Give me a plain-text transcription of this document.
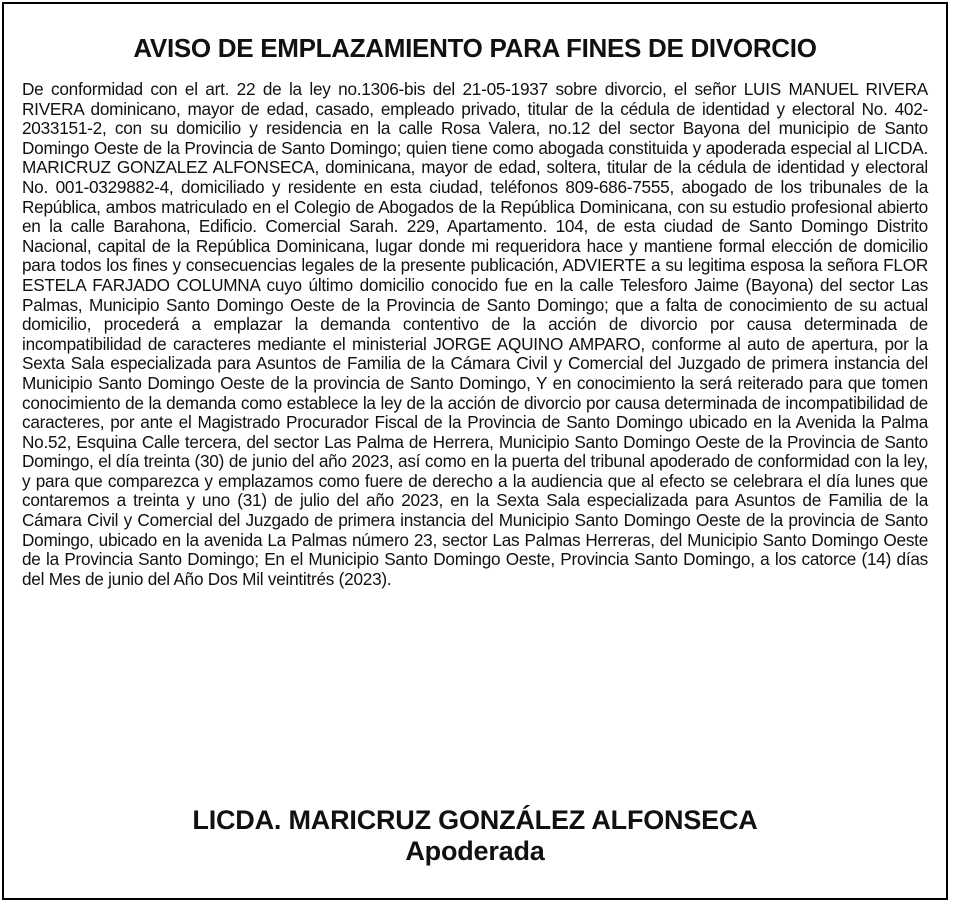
AVISO DE EMPLAZAMIENTO PARA FINES DE DIVORCIO

De conformidad con el art. 22 de la ley no.1306-bis del 21-05-1937 sobre divorcio, el señor LUIS MANUEL RIVERA RIVERA dominicano, mayor de edad, casado, empleado privado, titular de la cédula de identidad y electoral No. 402-2033151-2, con su domicilio y residencia en la calle Rosa Valera, no.12 del sector Bayona del municipio de Santo Domingo Oeste de la Provincia de Santo Domingo; quien tiene como abogada constituida y apoderada especial al LICDA. MARICRUZ GONZALEZ ALFONSECA, dominicana, mayor de edad, soltera, titular de la cédula de identidad y electoral No. 001-0329882-4, domiciliado y residente en esta ciudad, teléfonos 809-686-7555, abogado de los tribunales de la República, ambos matriculado en el Colegio de Abogados de la República Dominicana, con su estudio profesional abierto en la calle Barahona, Edificio. Comercial Sarah. 229, Apartamento. 104, de esta ciudad de Santo Domingo Distrito Nacional, capital de la República Dominicana, lugar donde mi requeridora hace y mantiene formal elección de domicilio para todos los fines y consecuencias legales de la presente publicación, ADVIERTE a su legitima esposa la señora FLOR ESTELA FARJADO COLUMNA cuyo último domicilio conocido fue en la calle Telesforo Jaime (Bayona) del sector Las Palmas, Municipio Santo Domingo Oeste de la Provincia de Santo Domingo; que a falta de conocimiento de su actual domicilio, procederá a emplazar la demanda contentivo de la acción de divorcio por causa determinada de incompatibilidad de caracteres mediante el ministerial JORGE AQUINO AMPARO, conforme al auto de apertura, por la Sexta Sala especializada para Asuntos de Familia de la Cámara Civil y Comercial del Juzgado de primera instancia del Municipio Santo Domingo Oeste de la provincia de Santo Domingo, Y en conocimiento la será reiterado para que tomen conocimiento de la demanda como establece la ley de la acción de divorcio por causa determinada de incompatibilidad de caracteres, por ante el Magistrado Procurador Fiscal de la Provincia de Santo Domingo ubicado en la Avenida la Palma No.52, Esquina Calle tercera, del sector Las Palma de Herrera, Municipio Santo Domingo Oeste de la Provincia de Santo Domingo, el día treinta (30) de junio del año 2023, así como en la puerta del tribunal apoderado de conformidad con la ley, y para que comparezca y emplazamos como fuere de derecho a la audiencia que al efecto se celebrara el día lunes que contaremos a treinta y uno (31) de julio del año 2023, en la Sexta Sala especializada para Asuntos de Familia de la Cámara Civil y Comercial del Juzgado de primera instancia del Municipio Santo Domingo Oeste de la provincia de Santo Domingo, ubicado en la avenida La Palmas número 23, sector Las Palmas Herreras, del Municipio Santo Domingo Oeste de la Provincia Santo Domingo; En el Municipio Santo Domingo Oeste, Provincia Santo Domingo, a los catorce (14) días del Mes de junio del Año Dos Mil veintitrés (2023).

LICDA. MARICRUZ GONZÁLEZ ALFONSECA
Apoderada
